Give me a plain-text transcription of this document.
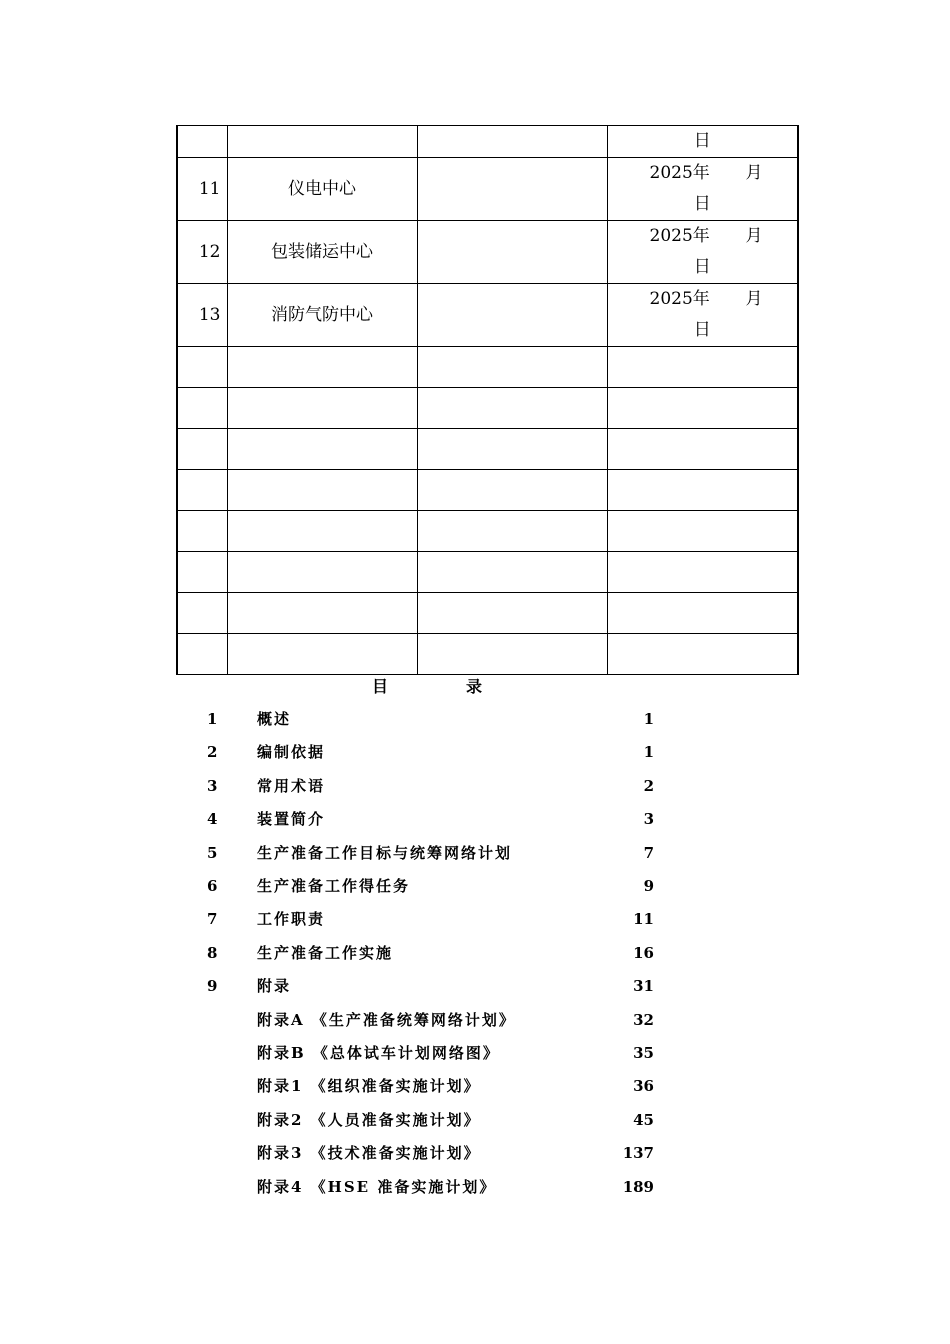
			日

11	仪电中心		2025年 月
日

12	包装储运中心		2025年 月
日

13	消防气防中心		2025年 月
日

目	录
1	概述	1
2	编制依据	1
3	常用术语	2
4	装置简介	3
5	生产准备工作目标与统筹网络计划	7
6	生产准备工作得任务	9
7	工作职责	11
8	生产准备工作实施	16
9	附录	31
附录A 《生产准备统筹网络计划》	32
附录B 《总体试车计划网络图》	35
附录1 《组织准备实施计划》	36
附录2 《人员准备实施计划》	45
附录3 《技术准备实施计划》	137
附录4 《HSE 准备实施计划》	189
